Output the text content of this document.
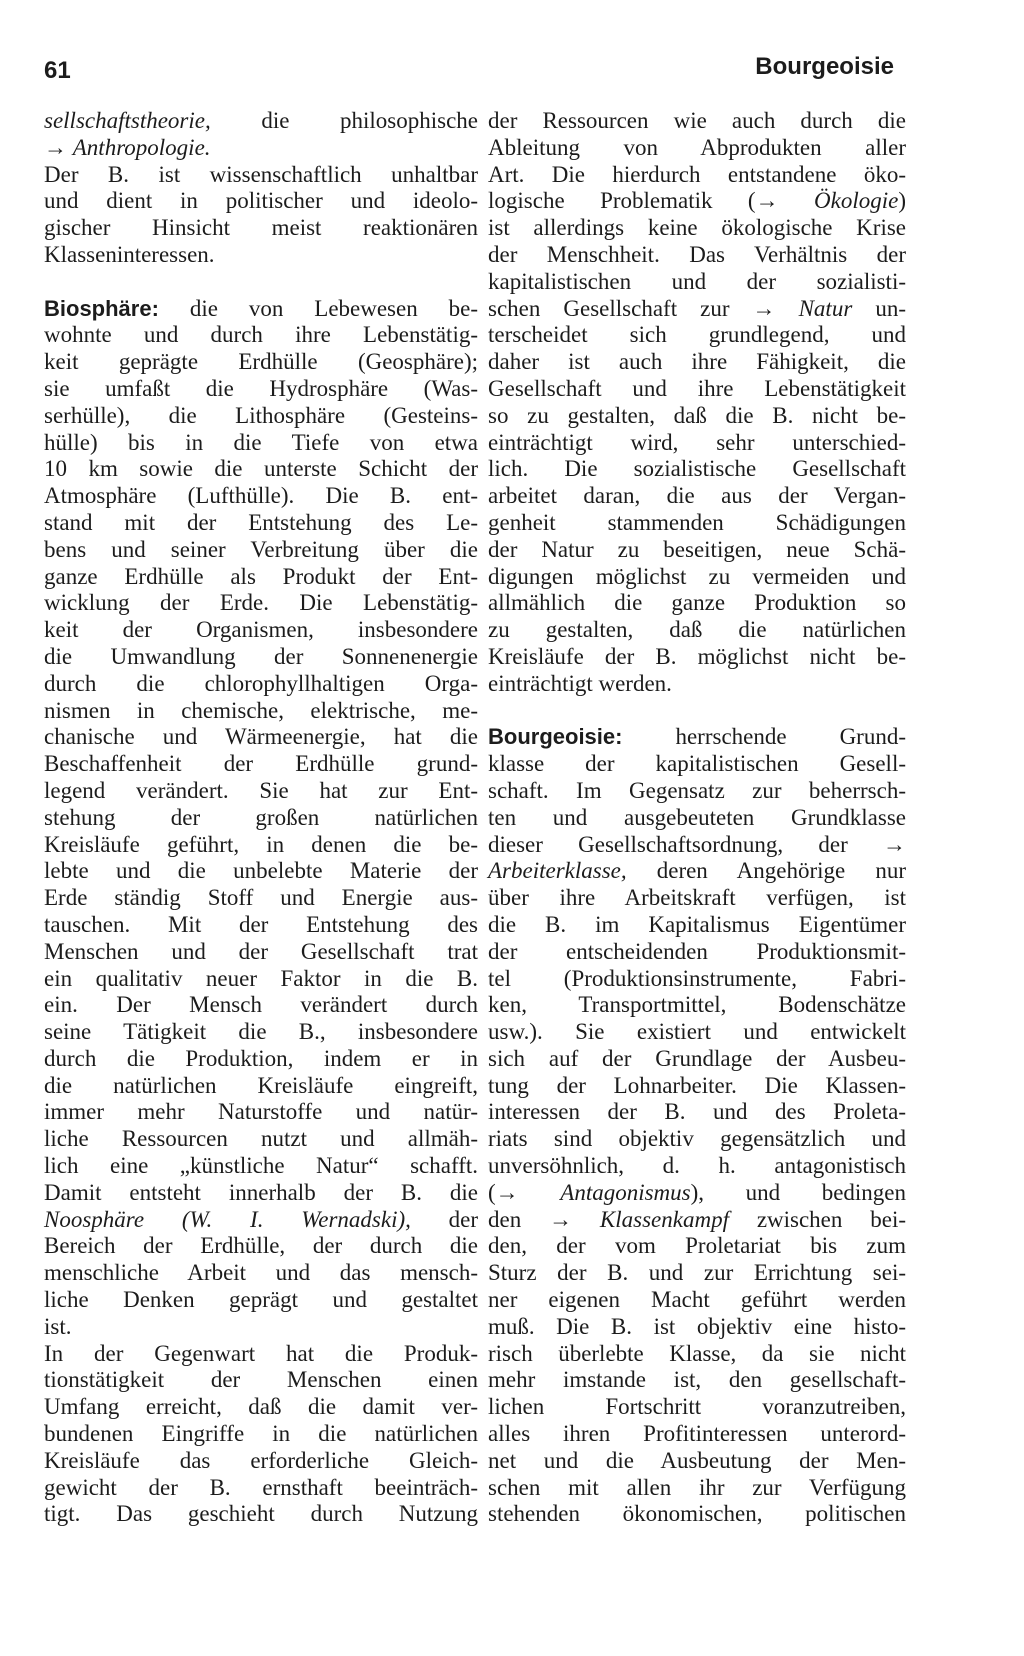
61	Bourgeoisie
sellschaftstheorie, die philosophische
→ Anthropologie.
Der B. ist wissenschaftlich unhaltbar
und dient in politischer und ideolo-
gischer Hinsicht meist reaktionären
Klasseninteressen.
Biosphäre: die von Lebewesen be-
wohnte und durch ihre Lebenstätig-
keit geprägte Erdhülle (Geosphäre);
sie umfaßt die Hydrosphäre (Was-
serhülle), die Lithosphäre (Gesteins-
hülle) bis in die Tiefe von etwa
10 km sowie die unterste Schicht der
Atmosphäre (Lufthülle). Die B. ent-
stand mit der Entstehung des Le-
bens und seiner Verbreitung über die
ganze Erdhülle als Produkt der Ent-
wicklung der Erde. Die Lebenstätig-
keit der Organismen, insbesondere
die Umwandlung der Sonnenenergie
durch die chlorophyllhaltigen Orga-
nismen in chemische, elektrische, me-
chanische und Wärmeenergie, hat die
Beschaffenheit der Erdhülle grund-
legend verändert. Sie hat zur Ent-
stehung der großen natürlichen
Kreisläufe geführt, in denen die be-
lebte und die unbelebte Materie der
Erde ständig Stoff und Energie aus-
tauschen. Mit der Entstehung des
Menschen und der Gesellschaft trat
ein qualitativ neuer Faktor in die B.
ein. Der Mensch verändert durch
seine Tätigkeit die B., insbesondere
durch die Produktion, indem er in
die natürlichen Kreisläufe eingreift,
immer mehr Naturstoffe und natür-
liche Ressourcen nutzt und allmäh-
lich eine „künstliche Natur“ schafft.
Damit entsteht innerhalb der B. die
Noosphäre (W. I. Wernadski), der
Bereich der Erdhülle, der durch die
menschliche Arbeit und das mensch-
liche Denken geprägt und gestaltet
ist.
In der Gegenwart hat die Produk-
tionstätigkeit der Menschen einen
Umfang erreicht, daß die damit ver-
bundenen Eingriffe in die natürlichen
Kreisläufe das erforderliche Gleich-
gewicht der B. ernsthaft beeinträch-
tigt. Das geschieht durch Nutzung
der Ressourcen wie auch durch die
Ableitung von Abprodukten aller
Art. Die hierdurch entstandene öko-
logische Problematik (→ Ökologie)
ist allerdings keine ökologische Krise
der Menschheit. Das Verhältnis der
kapitalistischen und der sozialisti-
schen Gesellschaft zur → Natur un-
terscheidet sich grundlegend, und
daher ist auch ihre Fähigkeit, die
Gesellschaft und ihre Lebenstätigkeit
so zu gestalten, daß die B. nicht be-
einträchtigt wird, sehr unterschied-
lich. Die sozialistische Gesellschaft
arbeitet daran, die aus der Vergan-
genheit stammenden Schädigungen
der Natur zu beseitigen, neue Schä-
digungen möglichst zu vermeiden und
allmählich die ganze Produktion so
zu gestalten, daß die natürlichen
Kreisläufe der B. möglichst nicht be-
einträchtigt werden.
Bourgeoisie: herrschende Grund-
klasse der kapitalistischen Gesell-
schaft. Im Gegensatz zur beherrsch-
ten und ausgebeuteten Grundklasse
dieser Gesellschaftsordnung, der →
Arbeiterklasse, deren Angehörige nur
über ihre Arbeitskraft verfügen, ist
die B. im Kapitalismus Eigentümer
der entscheidenden Produktionsmit-
tel (Produktionsinstrumente, Fabri-
ken, Transportmittel, Bodenschätze
usw.). Sie existiert und entwickelt
sich auf der Grundlage der Ausbeu-
tung der Lohnarbeiter. Die Klassen-
interessen der B. und des Proleta-
riats sind objektiv gegensätzlich und
unversöhnlich, d. h. antagonistisch
(→ Antagonismus), und bedingen
den → Klassenkampf zwischen bei-
den, der vom Proletariat bis zum
Sturz der B. und zur Errichtung sei-
ner eigenen Macht geführt werden
muß. Die B. ist objektiv eine histo-
risch überlebte Klasse, da sie nicht
mehr imstande ist, den gesellschaft-
lichen Fortschritt voranzutreiben,
alles ihren Profitinteressen unterord-
net und die Ausbeutung der Men-
schen mit allen ihr zur Verfügung
stehenden ökonomischen, politischen
